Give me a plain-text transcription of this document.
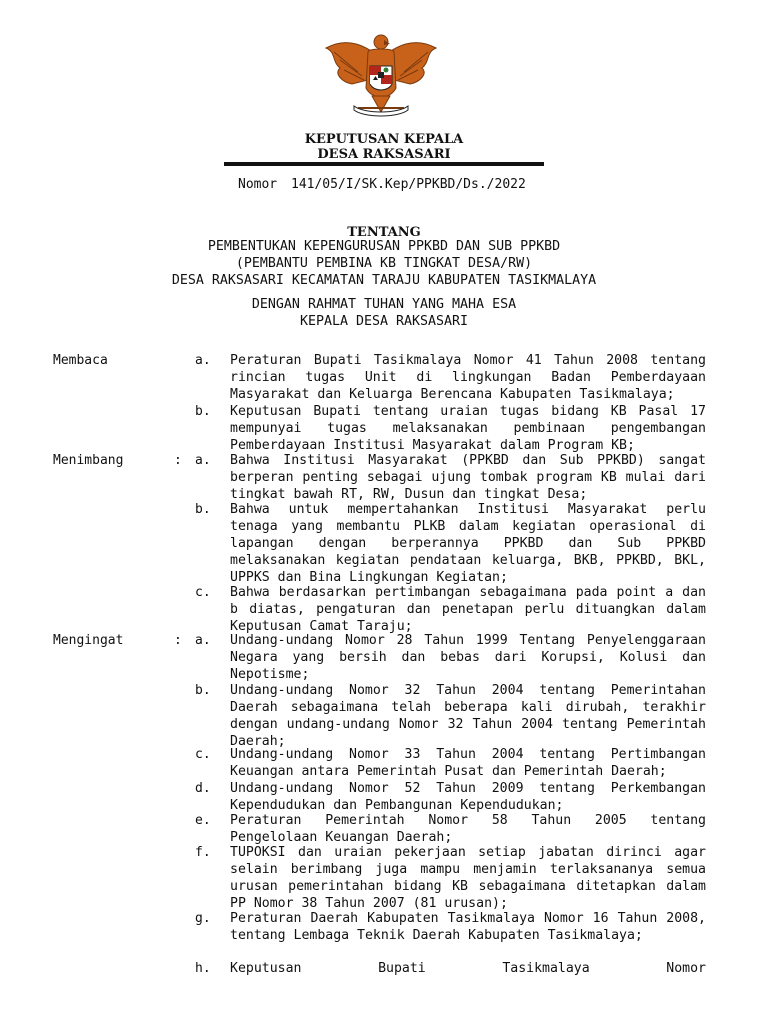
KEPUTUSAN KEPALA
DESA RAKSASARI
Nomor	141/05/I/SK.Kep/PPKBD/Ds./2022
TENTANG
PEMBENTUKAN KEPENGURUSAN PPKBD DAN SUB PPKBD
(PEMBANTU PEMBINA KB TINGKAT DESA/RW)
DESA RAKSASARI KECAMATAN TARAJU KABUPATEN TASIKMALAYA
DENGAN RAHMAT TUHAN YANG MAHA ESA
KEPALA DESA RAKSASARI
Membaca	a. Peraturan Bupati Tasikmalaya Nomor 41 Tahun 2008 tentang rincian tugas Unit di lingkungan Badan Pemberdayaan Masyarakat dan Keluarga Berencana Kabupaten Tasikmalaya;
b. Keputusan Bupati tentang uraian tugas bidang KB Pasal 17 mempunyai tugas melaksanakan pembinaan pengembangan Pemberdayaan Institusi Masyarakat dalam Program KB;
Menimbang	: a. Bahwa Institusi Masyarakat (PPKBD dan Sub PPKBD) sangat berperan penting sebagai ujung tombak program KB mulai dari tingkat bawah RT, RW, Dusun dan tingkat Desa;
b. Bahwa untuk mempertahankan Institusi Masyarakat perlu tenaga yang membantu PLKB dalam kegiatan operasional di lapangan dengan berperannya PPKBD dan Sub PPKBD melaksanakan kegiatan pendataan keluarga, BKB, PPKBD, BKL, UPPKS dan Bina Lingkungan Kegiatan;
c. Bahwa berdasarkan pertimbangan sebagaimana pada point a dan b diatas, pengaturan dan penetapan perlu dituangkan dalam Keputusan Camat Taraju;
Mengingat	: a. Undang-undang Nomor 28 Tahun 1999 Tentang Penyelenggaraan Negara yang bersih dan bebas dari Korupsi, Kolusi dan Nepotisme;
b. Undang-undang Nomor 32 Tahun 2004 tentang Pemerintahan Daerah sebagaimana telah beberapa kali dirubah, terakhir dengan undang-undang Nomor 32 Tahun 2004 tentang Pemerintah Daerah;
c. Undang-undang Nomor 33 Tahun 2004 tentang Pertimbangan Keuangan antara Pemerintah Pusat dan Pemerintah Daerah;
d. Undang-undang Nomor 52 Tahun 2009 tentang Perkembangan Kependudukan dan Pembangunan Kependudukan;
e. Peraturan Pemerintah Nomor 58 Tahun 2005 tentang Pengelolaan Keuangan Daerah;
f. TUPOKSI dan uraian pekerjaan setiap jabatan dirinci agar selain berimbang juga mampu menjamin terlaksananya semua urusan pemerintahan bidang KB sebagaimana ditetapkan dalam PP Nomor 38 Tahun 2007 (81 urusan);
g. Peraturan Daerah Kabupaten Tasikmalaya Nomor 16 Tahun 2008, tentang Lembaga Teknik Daerah Kabupaten Tasikmalaya;
h. Keputusan Bupati Tasikmalaya Nomor
